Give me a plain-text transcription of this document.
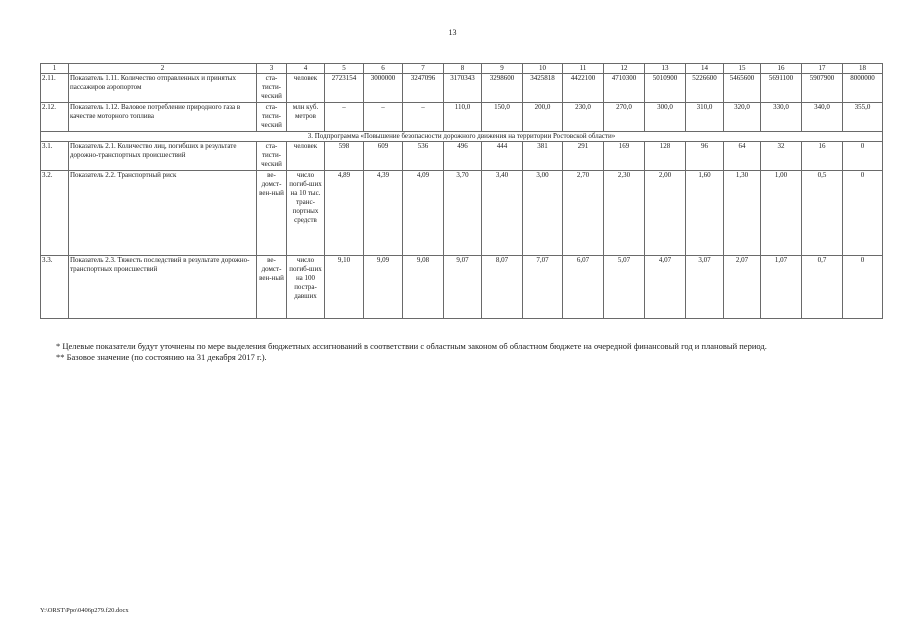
13
1	2	3	4	5	6	7	8	9	10	11	12	13	14	15	16	17	18
2.11.	Показатель 1.11. Количество отправленных и принятых пассажиров аэропортом	ста-тисти-ческий	человек	2723154	3000000	3247096	3170343	3298600	3425818	4422100	4710300	5010900	5226600	5465600	5691100	5907900	8000000
2.12.	Показатель 1.12. Валовое потребление природного газа в качестве моторного топлива	ста-тисти-ческий	млн куб. метров	–	–	–	110,0	150,0	200,0	230,0	270,0	300,0	310,0	320,0	330,0	340,0	355,0
3. Подпрограмма «Повышение безопасности дорожного движения на территории Ростовской области»																	
3.1.	Показатель 2.1. Количество лиц, погибших в результате дорожно-транспортных происшествий	ста-тисти-ческий	человек	598	609	536	496	444	381	291	169	128	96	64	32	16	0
3.2.	Показатель 2.2. Транспортный риск	ве-домст-вен-ный	число погиб-ших на 10 тыс. транс-портных средств	4,89	4,39	4,09	3,70	3,40	3,00	2,70	2,30	2,00	1,60	1,30	1,00	0,5	0
3.3.	Показатель 2.3. Тяжесть последствий в результате дорожно-транспортных происшествий	ве-домст-вен-ный	число погиб-ших на 100 постра-давших	9,10	9,09	9,08	9,07	8,07	7,07	6,07	5,07	4,07	3,07	2,07	1,07	0,7	0

* Целевые показатели будут уточнены по мере выделения бюджетных ассигнований в соответствии с областным законом об областном бюджете на очередной финансовый год и плановый период.

** Базовое значение (по состоянию на 31 декабря 2017 г.).

Y:\ORST\Ppo\0406p279.f20.docx
